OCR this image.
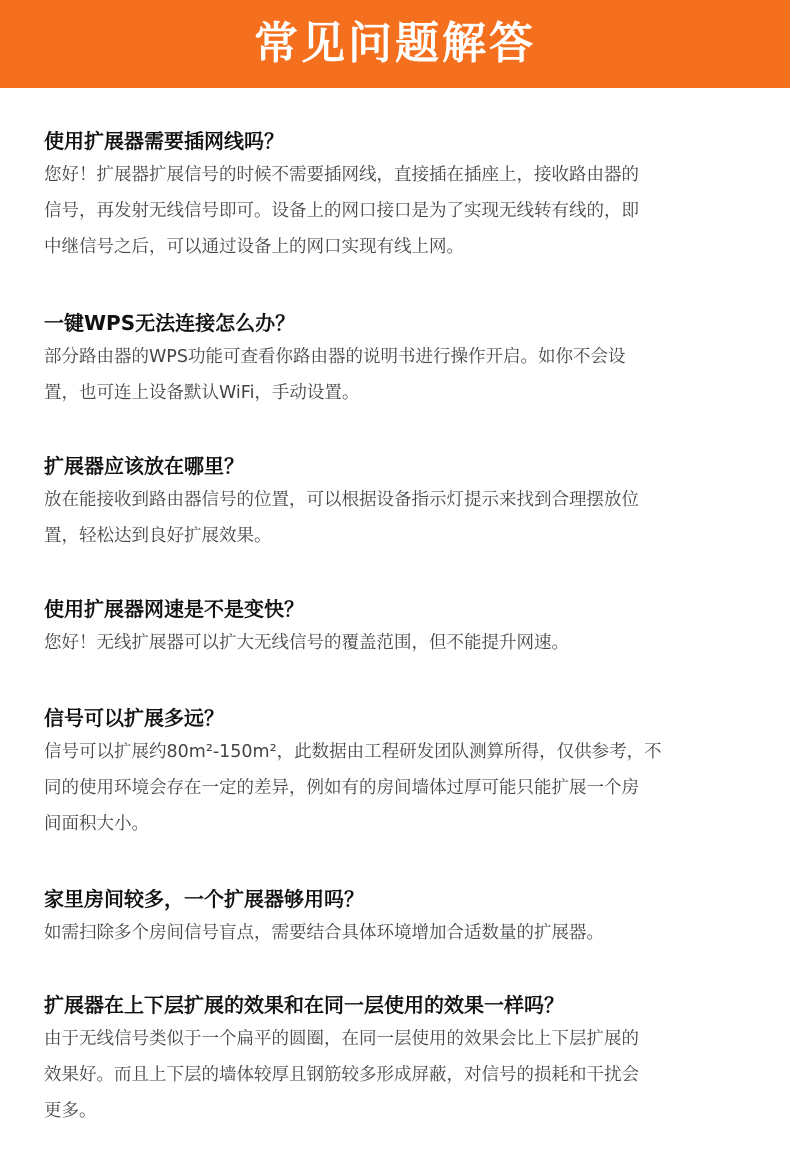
常见问题解答
使用扩展器需要插网线吗？
您好！扩展器扩展信号的时候不需要插网线，直接插在插座上，接收路由器的
信号，再发射无线信号即可。设备上的网口接口是为了实现无线转有线的，即
中继信号之后，可以通过设备上的网口实现有线上网。
一键WPS无法连接怎么办？
部分路由器的WPS功能可查看你路由器的说明书进行操作开启。如你不会设
置，也可连上设备默认WiFi，手动设置。
扩展器应该放在哪里？
放在能接收到路由器信号的位置，可以根据设备指示灯提示来找到合理摆放位
置，轻松达到良好扩展效果。
使用扩展器网速是不是变快？
您好！无线扩展器可以扩大无线信号的覆盖范围，但不能提升网速。
信号可以扩展多远？
信号可以扩展约80m²-150m²，此数据由工程研发团队测算所得，仅供参考，不
同的使用环境会存在一定的差异，例如有的房间墙体过厚可能只能扩展一个房
间面积大小。
家里房间较多，一个扩展器够用吗？
如需扫除多个房间信号盲点，需要结合具体环境增加合适数量的扩展器。
扩展器在上下层扩展的效果和在同一层使用的效果一样吗？
由于无线信号类似于一个扁平的圆圈，在同一层使用的效果会比上下层扩展的
效果好。而且上下层的墙体较厚且钢筋较多形成屏蔽，对信号的损耗和干扰会
更多。
